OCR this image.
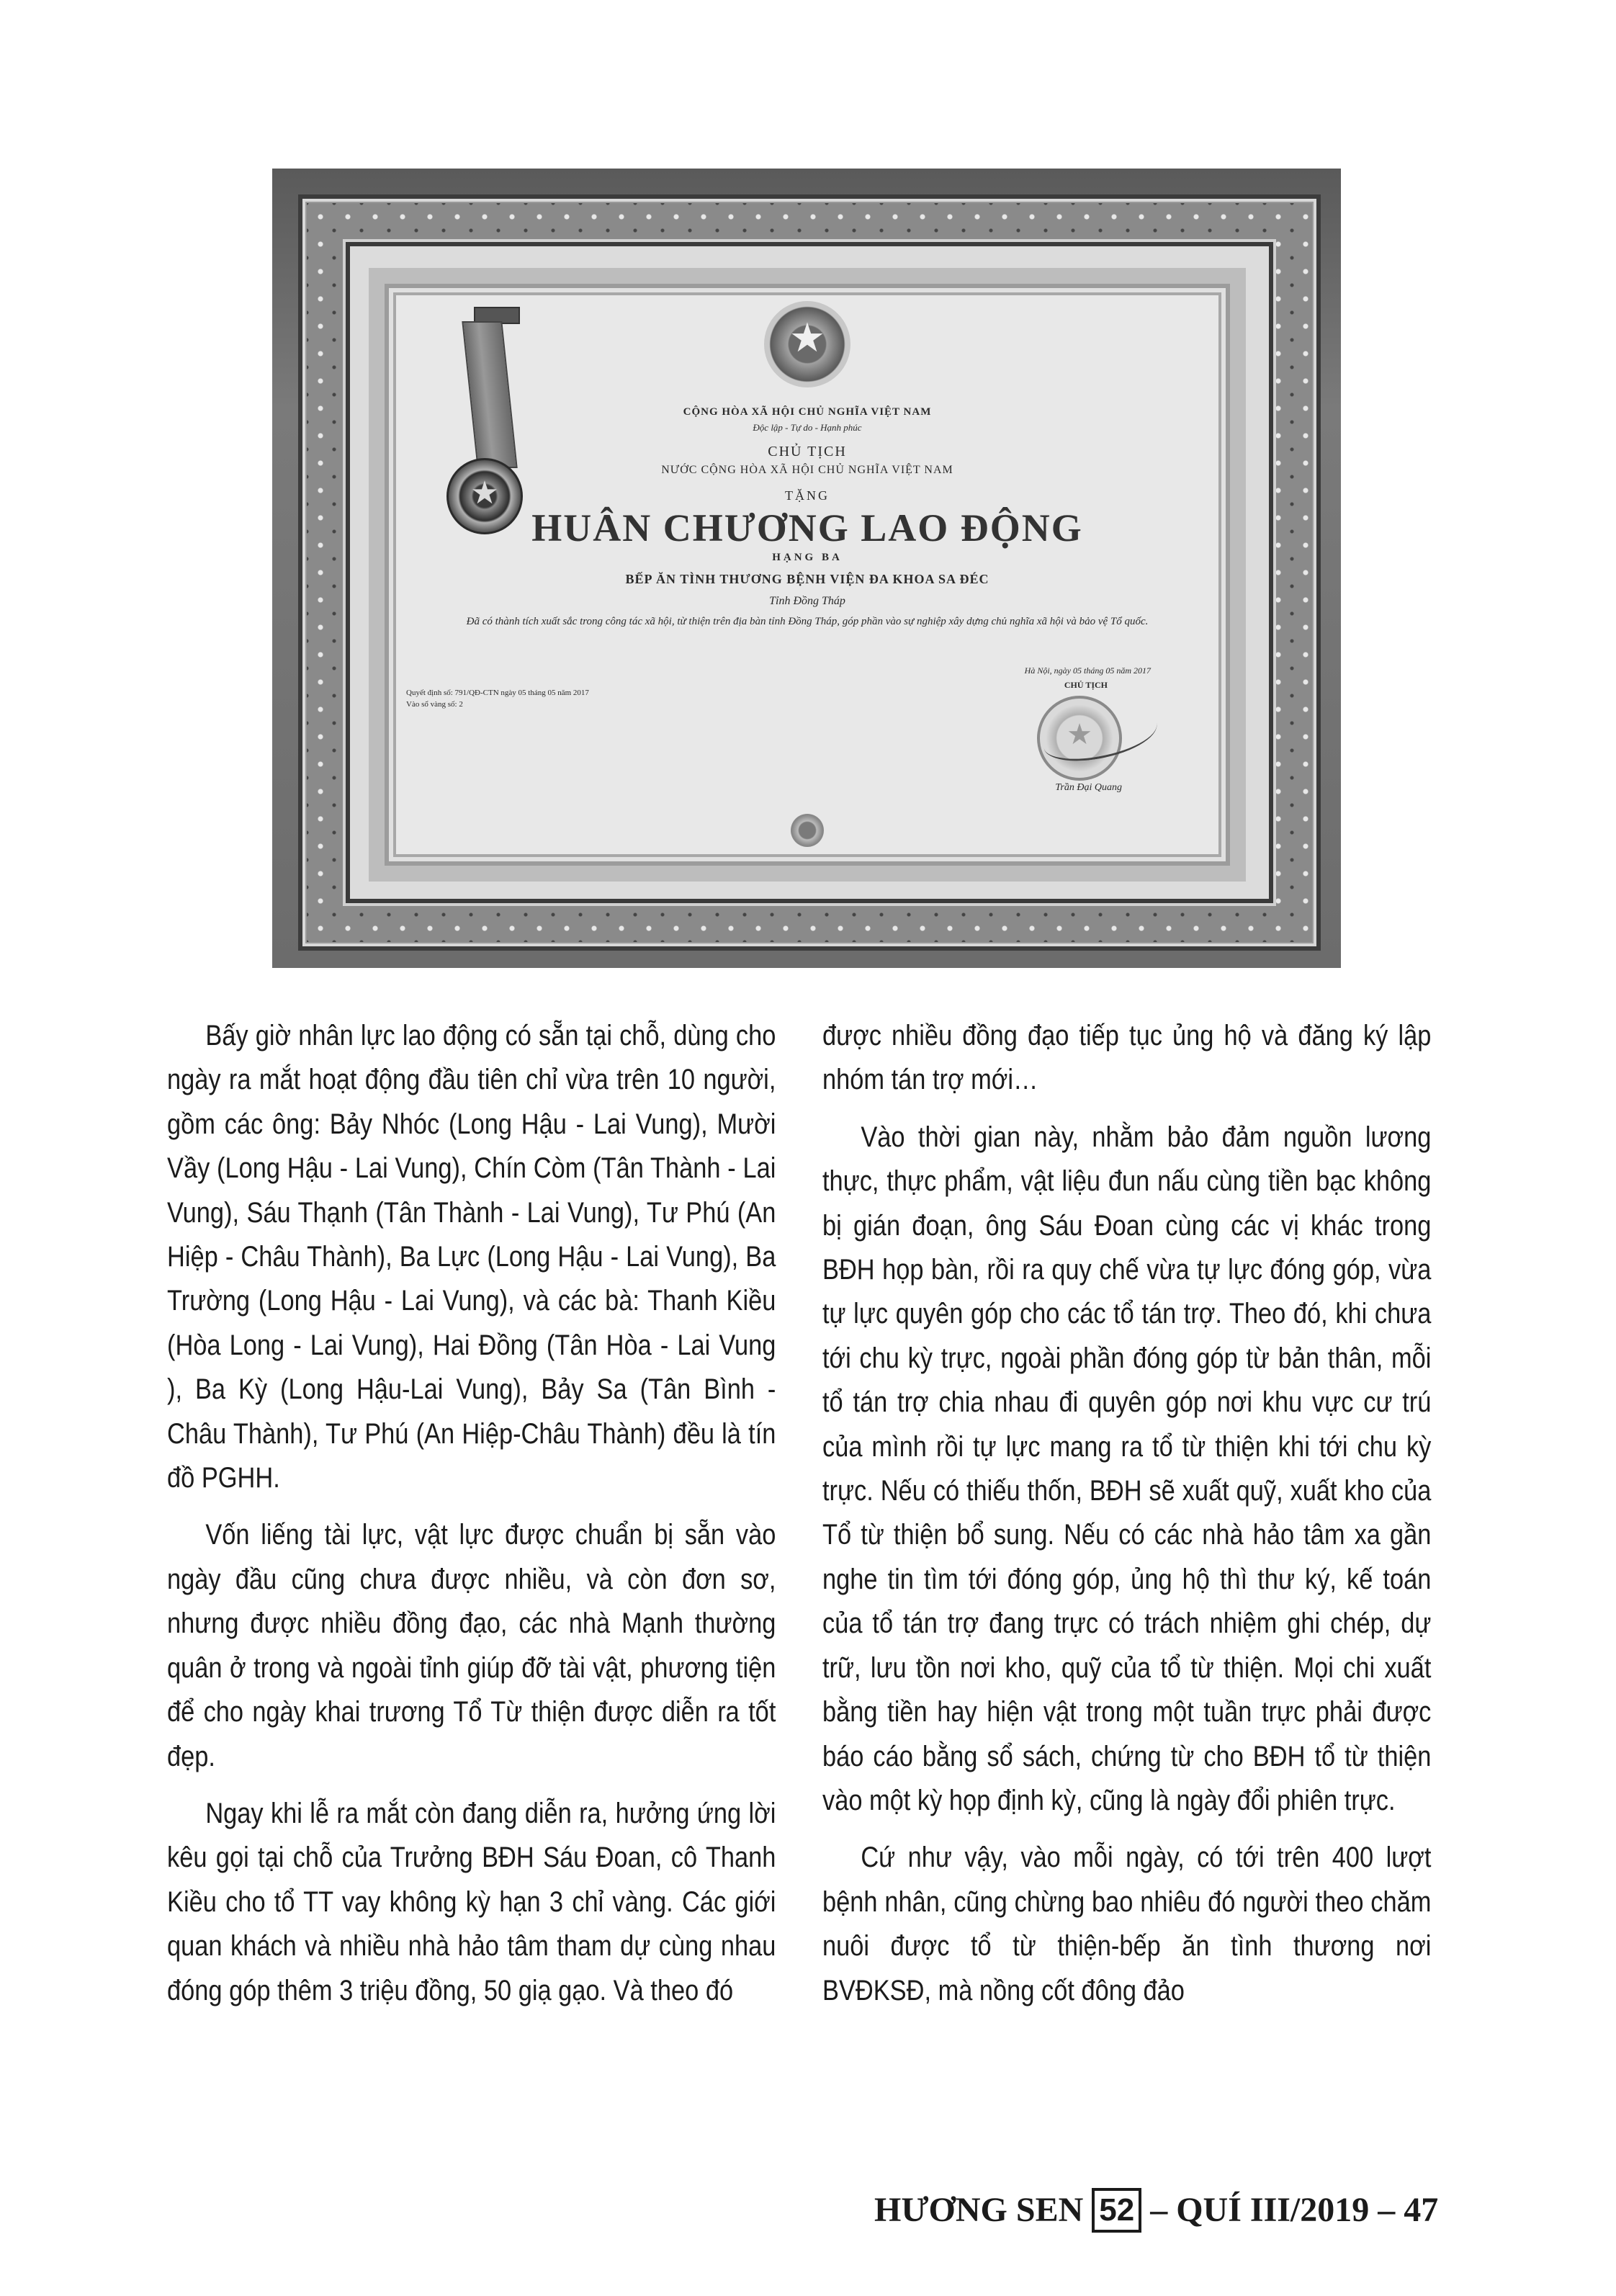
★
CỘNG HÒA XÃ HỘI CHỦ NGHĨA VIỆT NAM
Độc lập - Tự do - Hạnh phúc
CHỦ TỊCH
NƯỚC CỘNG HÒA XÃ HỘI CHỦ NGHĨA VIỆT NAM
TẶNG
HUÂN CHƯƠNG LAO ĐỘNG
HẠNG BA
BẾP ĂN TÌNH THƯƠNG BỆNH VIỆN ĐA KHOA SA ĐÉC
Tỉnh Đồng Tháp
Đã có thành tích xuất sắc trong công tác xã hội, từ thiện trên địa bàn tỉnh Đồng Tháp, góp phần vào sự nghiệp xây dựng chủ nghĩa xã hội và bảo vệ Tổ quốc.
Quyết định số: 791/QĐ-CTN ngày 05 tháng 05 năm 2017
Vào sổ vàng số: 2
Hà Nội, ngày 05 tháng 05 năm 2017
CHỦ TỊCH
★
Trần Đại Quang
★

Bấy giờ nhân lực lao động có sẵn tại chỗ, dùng cho ngày ra mắt hoạt động đầu tiên chỉ vừa trên 10 người, gồm các ông: Bảy Nhóc (Long Hậu - Lai Vung), Mười Vầy (Long Hậu - Lai Vung), Chín Còm (Tân Thành - Lai Vung), Sáu Thạnh (Tân Thành - Lai Vung), Tư Phú (An Hiệp - Châu Thành), Ba Lực (Long Hậu - Lai Vung), Ba Trường (Long Hậu - Lai Vung), và các bà: Thanh Kiều (Hòa Long - Lai Vung), Hai Đồng (Tân Hòa - Lai Vung ), Ba Kỳ (Long Hậu-Lai Vung), Bảy Sa (Tân Bình - Châu Thành), Tư Phú (An Hiệp-Châu Thành) đều là tín đồ PGHH.

Vốn liếng tài lực, vật lực được chuẩn bị sẵn vào ngày đầu cũng chưa được nhiều, và còn đơn sơ, nhưng được nhiều đồng đạo, các nhà Mạnh thường quân ở trong và ngoài tỉnh giúp đỡ tài vật, phương tiện để cho ngày khai trương Tổ Từ thiện được diễn ra tốt đẹp.

Ngay khi lễ ra mắt còn đang diễn ra, hưởng ứng lời kêu gọi tại chỗ của Trưởng BĐH Sáu Đoan, cô Thanh Kiều cho tổ TT vay không kỳ hạn 3 chỉ vàng. Các giới quan khách và nhiều nhà hảo tâm tham dự cùng nhau đóng góp thêm 3 triệu đồng, 50 giạ gạo. Và theo đó

được nhiều đồng đạo tiếp tục ủng hộ và đăng ký lập nhóm tán trợ mới…

Vào thời gian này, nhằm bảo đảm nguồn lương thực, thực phẩm, vật liệu đun nấu cùng tiền bạc không bị gián đoạn, ông Sáu Đoan cùng các vị khác trong BĐH họp bàn, rồi ra quy chế vừa tự lực đóng góp, vừa tự lực quyên góp cho các tổ tán trợ. Theo đó, khi chưa tới chu kỳ trực, ngoài phần đóng góp từ bản thân, mỗi tổ tán trợ chia nhau đi quyên góp nơi khu vực cư trú của mình rồi tự lực mang ra tổ từ thiện khi tới chu kỳ trực. Nếu có thiếu thốn, BĐH sẽ xuất quỹ, xuất kho của Tổ từ thiện bổ sung. Nếu có các nhà hảo tâm xa gần nghe tin tìm tới đóng góp, ủng hộ thì thư ký, kế toán của tổ tán trợ đang trực có trách nhiệm ghi chép, dự trữ, lưu tồn nơi kho, quỹ của tổ từ thiện. Mọi chi xuất bằng tiền hay hiện vật trong một tuần trực phải được báo cáo bằng sổ sách, chứng từ cho BĐH tổ từ thiện vào một kỳ họp định kỳ, cũng là ngày đổi phiên trực.

Cứ như vậy, vào mỗi ngày, có tới trên 400 lượt bệnh nhân, cũng chừng bao nhiêu đó người theo chăm nuôi được tổ từ thiện-bếp ăn tình thương nơi BVĐKSĐ, mà nồng cốt đông đảo

HƯƠNG SEN 52 – QUÍ III/2019 – 47
